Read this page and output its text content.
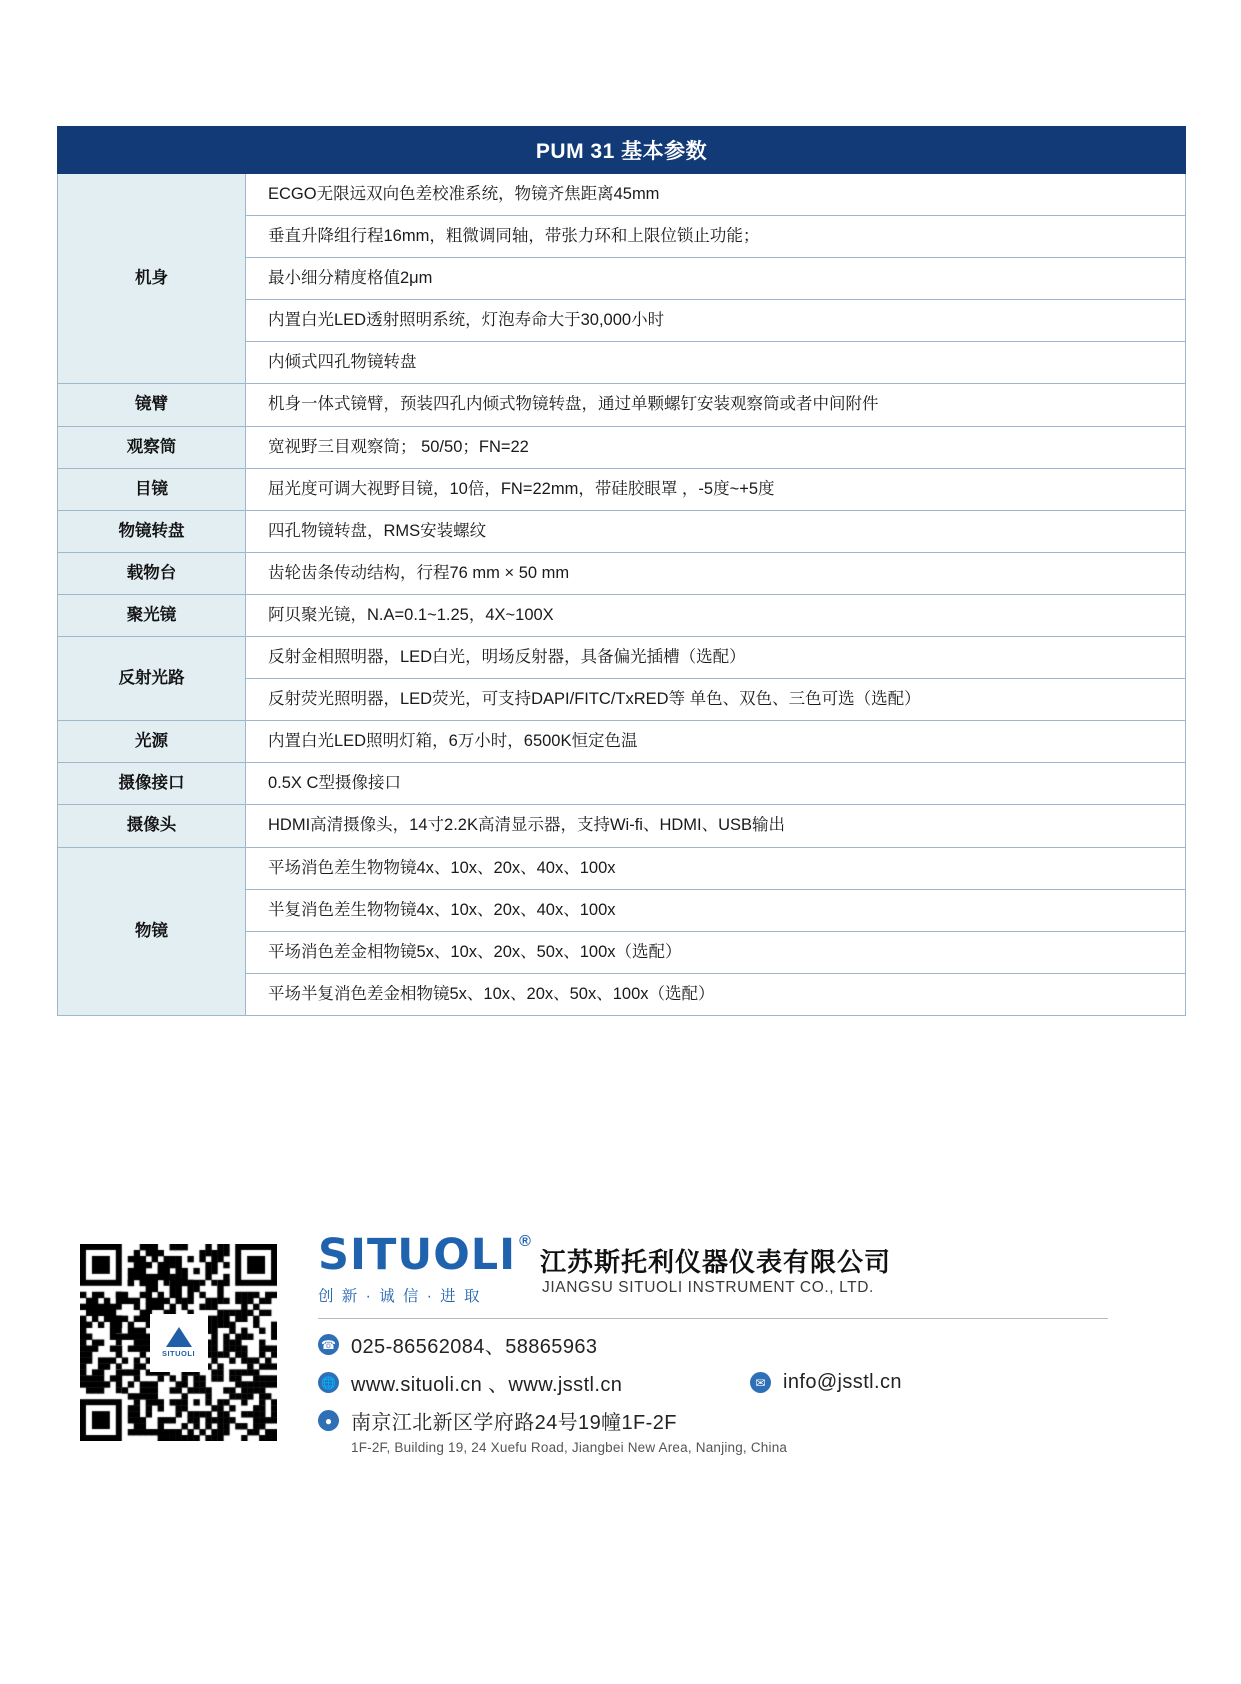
PUM 31 基本参数	
机身	ECGO无限远双向色差校准系统，物镜齐焦距离45mm
	垂直升降组行程16mm，粗微调同轴，带张力环和上限位锁止功能；
	最小细分精度格值2μm
	内置白光LED透射照明系统，灯泡寿命大于30,000小时
	内倾式四孔物镜转盘
镜臂	机身一体式镜臂，预装四孔内倾式物镜转盘，通过单颗螺钉安装观察筒或者中间附件
观察筒	宽视野三目观察筒； 50/50；FN=22
目镜	屈光度可调大视野目镜，10倍，FN=22mm，带硅胶眼罩 ，-5度~+5度
物镜转盘	四孔物镜转盘，RMS安装螺纹
载物台	齿轮齿条传动结构，行程76 mm × 50 mm
聚光镜	阿贝聚光镜，N.A=0.1~1.25，4X~100X
反射光路	反射金相照明器，LED白光，明场反射器，具备偏光插槽（选配）
	反射荧光照明器，LED荧光，可支持DAPI/FITC/TxRED等 单色、双色、三色可选（选配）
光源	内置白光LED照明灯箱，6万小时，6500K恒定色温
摄像接口	0.5X C型摄像接口
摄像头	HDMI高清摄像头，14寸2.2K高清显示器，支持Wi-fi、HDMI、USB输出
物镜	平场消色差生物物镜4x、10x、20x、40x、100x
	半复消色差生物物镜4x、10x、20x、40x、100x
	平场消色差金相物镜5x、10x、20x、50x、100x（选配）
	平场半复消色差金相物镜5x、10x、20x、50x、100x（选配）
SITUOLI
SITUOLI ®
创 新 · 诚 信 · 进 取
江苏斯托利仪器仪表有限公司
JIANGSU SITUOLI INSTRUMENT CO., LTD.
☎ 025-86562084、58865963
🌐 www.situoli.cn 、www.jsstl.cn	✉ info@jsstl.cn
● 南京江北新区学府路24号19幢1F-2F
1F-2F, Building 19, 24 Xuefu Road, Jiangbei New Area, Nanjing, China
